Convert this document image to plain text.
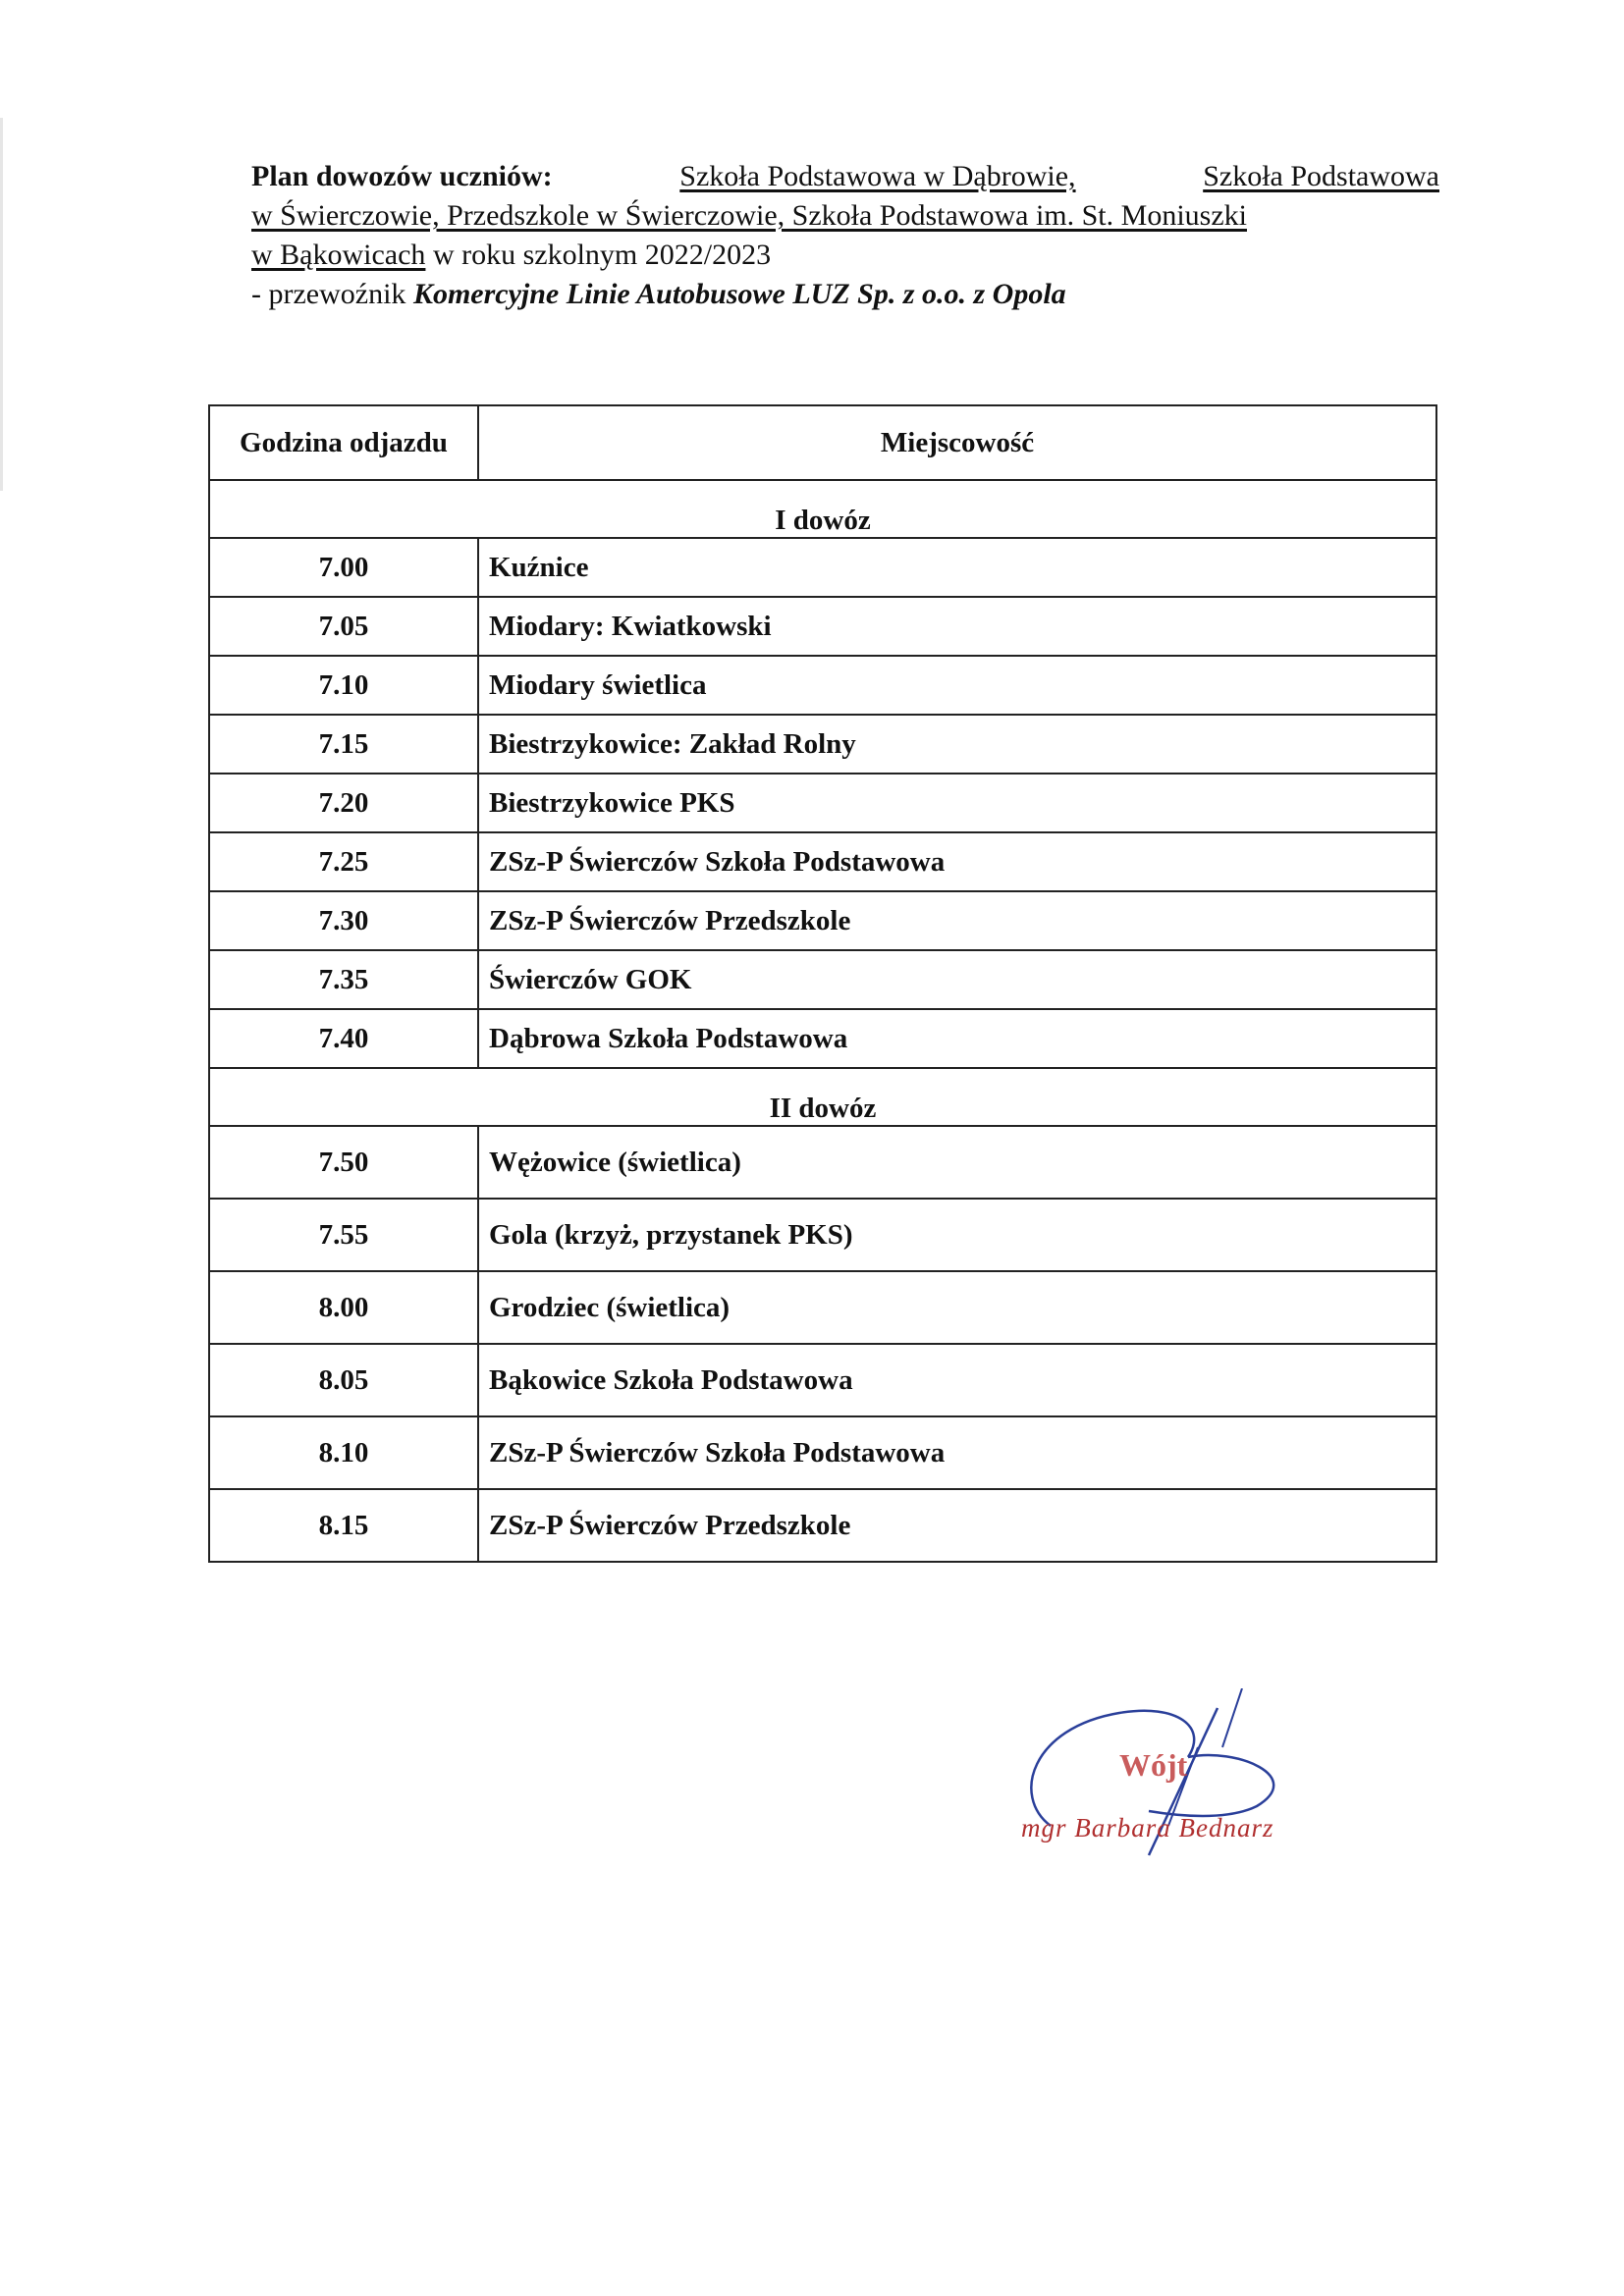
Plan dowozów uczniów:	Szkoła Podstawowa w Dąbrowie,	Szkoła Podstawowa
w Świerczowie, Przedszkole w Świerczowie, Szkoła Podstawowa im. St. Moniuszki
w Bąkowicach w roku szkolnym 2022/2023
- przewoźnik Komercyjne Linie Autobusowe LUZ Sp. z o.o. z Opola
Godzina odjazdu	Miejscowość
I dowóz	
7.00	Kuźnice
7.05	Miodary: Kwiatkowski
7.10	Miodary świetlica
7.15	Biestrzykowice: Zakład Rolny
7.20	Biestrzykowice PKS
7.25	ZSz-P Świerczów Szkoła Podstawowa
7.30	ZSz-P Świerczów Przedszkole
7.35	Świerczów GOK
7.40	Dąbrowa Szkoła Podstawowa
II dowóz	
7.50	Wężowice (świetlica)
7.55	Gola (krzyż, przystanek PKS)
8.00	Grodziec (świetlica)
8.05	Bąkowice Szkoła Podstawowa
8.10	ZSz-P Świerczów Szkoła Podstawowa
8.15	ZSz-P Świerczów Przedszkole
Wójt
mgr Barbara Bednarz
